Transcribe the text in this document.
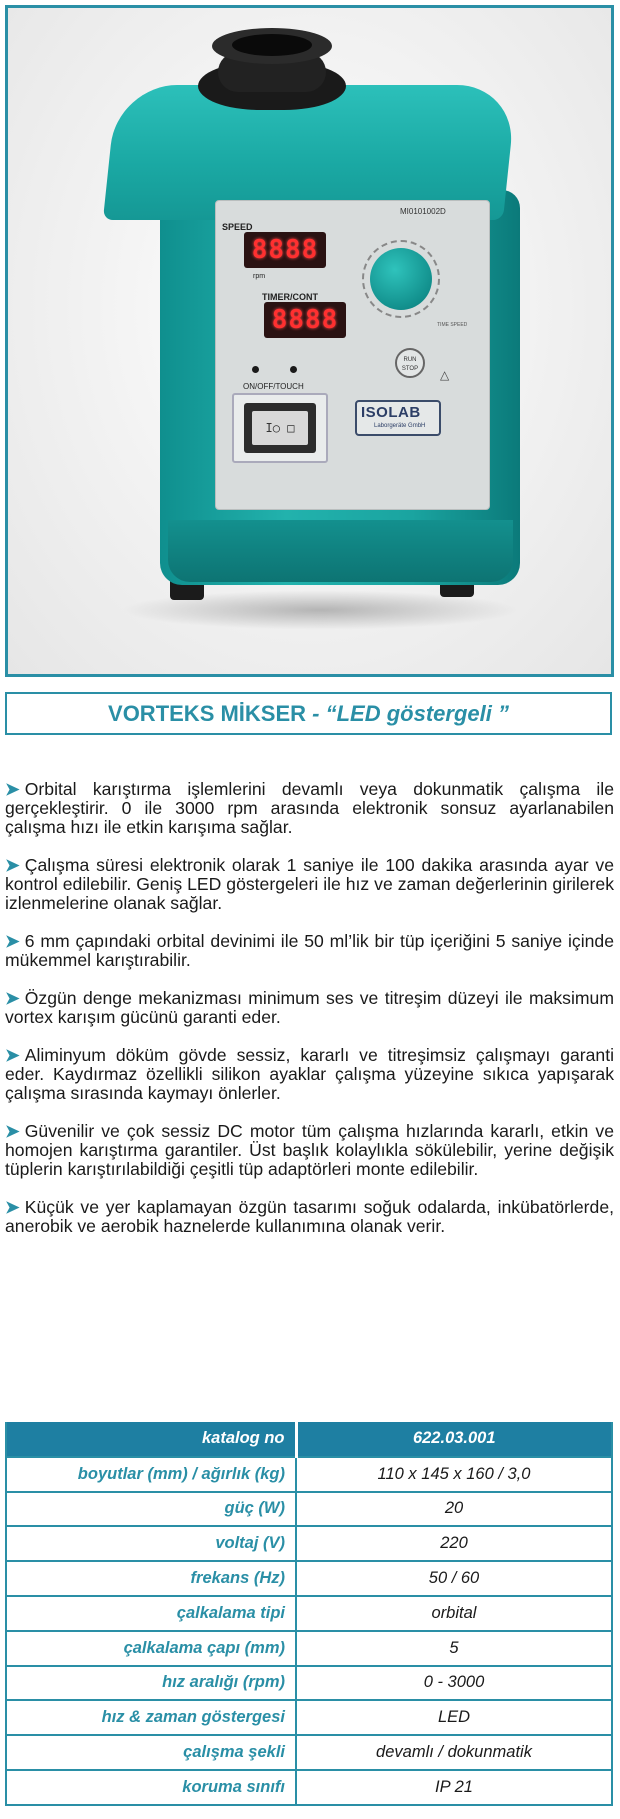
MI0101002D
SPEED
8888
rpm
TIMER/CONT
8888
ON/OFF/TOUCH
TIME SPEED
RUN STOP	△
I○ □
ISOLAB
Laborgeräte GmbH
VORTEKS MİKSER - “LED göstergeli ”

➤ Orbital karıştırma işlemlerini devamlı veya dokunmatik çalışma ile gerçekleştirir. 0 ile 3000 rpm arasında elektronik sonsuz ayarlanabilen çalışma hızı ile etkin karışıma sağlar.

➤ Çalışma süresi elektronik olarak 1 saniye ile 100 dakika arasında ayar ve kontrol edilebilir. Geniş LED göstergeleri ile hız ve zaman değerlerinin girilerek izlenmelerine olanak sağlar.

➤ 6 mm çapındaki orbital devinimi ile 50 ml’lik bir tüp içeriğini 5 saniye içinde mükemmel karıştırabilir.

➤ Özgün denge mekanizması minimum ses ve titreşim düzeyi ile maksimum vortex karışım gücünü garanti eder.

➤ Aliminyum döküm gövde sessiz, kararlı ve titreşimsiz çalışmayı garanti eder. Kaydırmaz özellikli silikon ayaklar çalışma yüzeyine sıkıca yapışarak çalışma sırasında kaymayı önlerler.

➤ Güvenilir ve çok sessiz DC motor tüm çalışma hızlarında kararlı, etkin ve homojen karıştırma garantiler. Üst başlık kolaylıkla sökülebilir, yerine değişik tüplerin karıştırılabildiği çeşitli tüp adaptörleri monte edilebilir.

➤ Küçük ve yer kaplamayan özgün tasarımı soğuk odalarda, inkübatörlerde, anerobik ve aerobik haznelerde kullanımına olanak verir.

katalog no	622.03.001
boyutlar (mm) / ağırlık (kg)	110 x 145 x 160 / 3,0
güç (W)	20
voltaj (V)	220
frekans (Hz)	50 / 60
çalkalama tipi	orbital
çalkalama çapı (mm)	5
hız aralığı (rpm)	0 - 3000
hız & zaman göstergesi	LED
çalışma şekli	devamlı / dokunmatik
koruma sınıfı	IP 21
